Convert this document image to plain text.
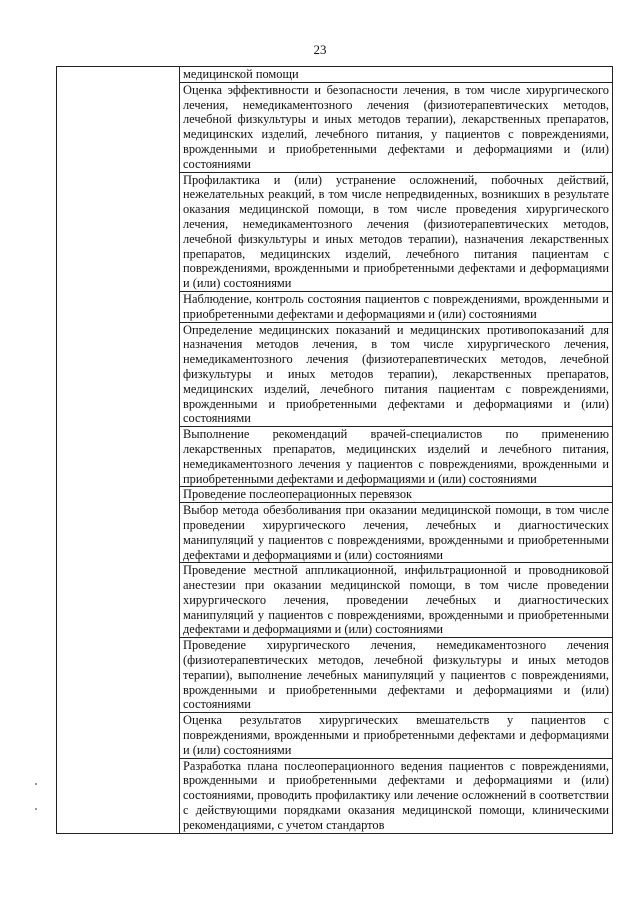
23

медицинской помощи

Оценка эффективности и безопасности лечения, в том числе хирургического лечения, немедикаментозного лечения (физиотерапевтических методов, лечебной физкультуры и иных методов терапии), лекарственных препаратов, медицинских изделий, лечебного питания, у пациентов с повреждениями, врожденными и приобретенными дефектами и деформациями и (или) состояниями

Профилактика и (или) устранение осложнений, побочных действий, нежелательных реакций, в том числе непредвиденных, возникших в результате оказания медицинской помощи, в том числе проведения хирургического лечения, немедикаментозного лечения (физиотерапевтических методов, лечебной физкультуры и иных методов терапии), назначения лекарственных препаратов, медицинских изделий, лечебного питания пациентам с повреждениями, врожденными и приобретенными дефектами и деформациями и (или) состояниями

Наблюдение, контроль состояния пациентов с повреждениями, врожденными и приобретенными дефектами и деформациями и (или) состояниями

Определение медицинских показаний и медицинских противопоказаний для назначения методов лечения, в том числе хирургического лечения, немедикаментозного лечения (физиотерапевтических методов, лечебной физкультуры и иных методов терапии), лекарственных препаратов, медицинских изделий, лечебного питания пациентам с повреждениями, врожденными и приобретенными дефектами и деформациями и (или) состояниями

Выполнение рекомендаций врачей-специалистов по применению лекарственных препаратов, медицинских изделий и лечебного питания, немедикаментозного лечения у пациентов с повреждениями, врожденными и приобретенными дефектами и деформациями и (или) состояниями

Проведение послеоперационных перевязок

Выбор метода обезболивания при оказании медицинской помощи, в том числе проведении хирургического лечения, лечебных и диагностических манипуляций у пациентов с повреждениями, врожденными и приобретенными дефектами и деформациями и (или) состояниями

Проведение местной аппликационной, инфильтрационной и проводниковой анестезии при оказании медицинской помощи, в том числе проведении хирургического лечения, проведении лечебных и диагностических манипуляций у пациентов с повреждениями, врожденными и приобретенными дефектами и деформациями и (или) состояниями

Проведение хирургического лечения, немедикаментозного лечения (физиотерапевтических методов, лечебной физкультуры и иных методов терапии), выполнение лечебных манипуляций у пациентов с повреждениями, врожденными и приобретенными дефектами и деформациями и (или) состояниями

Оценка результатов хирургических вмешательств у пациентов с повреждениями, врожденными и приобретенными дефектами и деформациями и (или) состояниями

Разработка плана послеоперационного ведения пациентов с повреждениями, врожденными и приобретенными дефектами и деформациями и (или) состояниями, проводить профилактику или лечение осложнений в соответствии с действующими порядками оказания медицинской помощи, клиническими рекомендациями, с учетом стандартов
